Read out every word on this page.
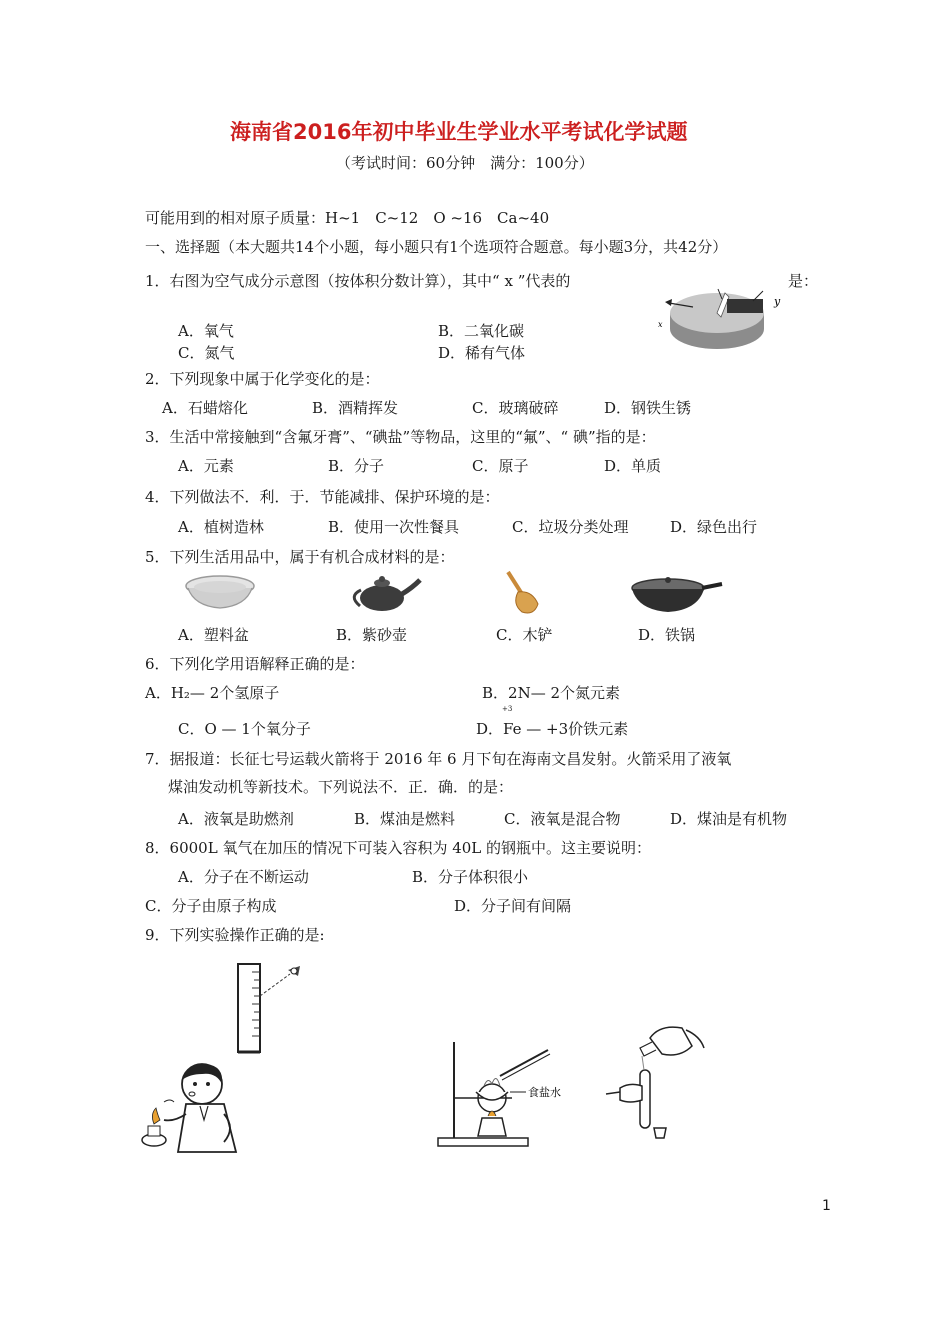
海南省2016年初中毕业生学业水平考试化学试题
（考试时间：60分钟　满分：100分）
可能用到的相对原子质量：H~1　C~12　O ~16　Ca~40
一、选择题（本大题共14个小题，每小题只有1个选项符合题意。每小题3分，共42分）
1．右图为空气成分示意图（按体积分数计算），其中“ x ”代表的	是：
A．氧气	B．二氧化碳
C．氮气	D．稀有气体
x
y
2．下列现象中属于化学变化的是：
A．石蜡熔化	B．酒精挥发	C．玻璃破碎	D．钢铁生锈
3．生活中常接触到“含氟牙膏”、“碘盐”等物品，这里的“氟”、“ 碘”指的是：
A．元素	B．分子	C．原子	D．单质
4．下列做法不．利．于．节能减排、保护环境的是：
A．植树造林	B．使用一次性餐具	C．垃圾分类处理	D．绿色出行
5．下列生活用品中，属于有机合成材料的是：
A．塑料盆	B．紫砂壶	C．木铲	D．铁锅
6．下列化学用语解释正确的是：
A．H₂— 2个氢原子	B．2N— 2个氮元素
+3
C．O — 1个氧分子	D．Fe — +3价铁元素
7．据报道：长征七号运载火箭将于 2016 年 6 月下旬在海南文昌发射。火箭采用了液氧
煤油发动机等新技术。下列说法不．正．确．的是：
A．液氧是助燃剂	B．煤油是燃料	C．液氧是混合物	D．煤油是有机物
8．6000L 氧气在加压的情况下可装入容积为 40L 的钢瓶中。这主要说明：
A．分子在不断运动	B．分子体积很小
C．分子由原子构成	D．分子间有间隔
9．下列实验操作正确的是:
食盐水
1
